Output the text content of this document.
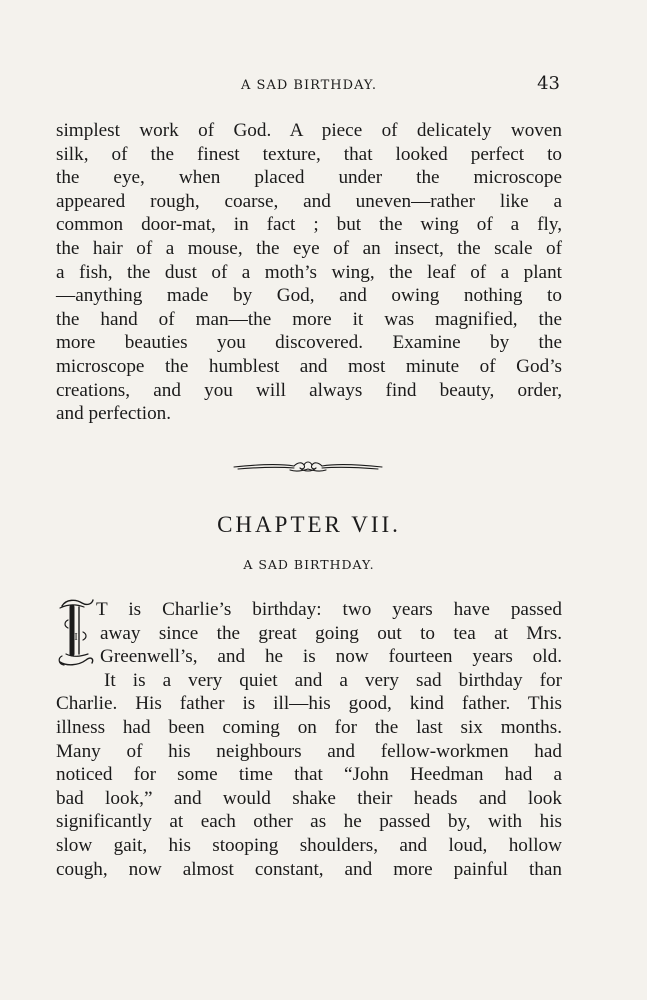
A SAD BIRTHDAY.	43
simplest work of God. A piece of delicately woven
silk, of the finest texture, that looked perfect to
the eye, when placed under the microscope
appeared rough, coarse, and uneven—rather like a
common door-mat, in fact ; but the wing of a fly,
the hair of a mouse, the eye of an insect, the scale of
a fish, the dust of a moth’s wing, the leaf of a plant
—anything made by God, and owing nothing to
the hand of man—the more it was magnified, the
more beauties you discovered. Examine by the
microscope the humblest and most minute of God’s
creations, and you will always find beauty, order,
and perfection.
CHAPTER VII.
A SAD BIRTHDAY.
I
T is Charlie’s birthday: two years have passed
away since the great going out to tea at Mrs.
Greenwell’s, and he is now fourteen years old.
It is a very quiet and a very sad birthday for
Charlie. His father is ill—his good, kind father. This
illness had been coming on for the last six months.
Many of his neighbours and fellow-workmen had
noticed for some time that “John Heedman had a
bad look,” and would shake their heads and look
significantly at each other as he passed by, with his
slow gait, his stooping shoulders, and loud, hollow
cough, now almost constant, and more painful than
